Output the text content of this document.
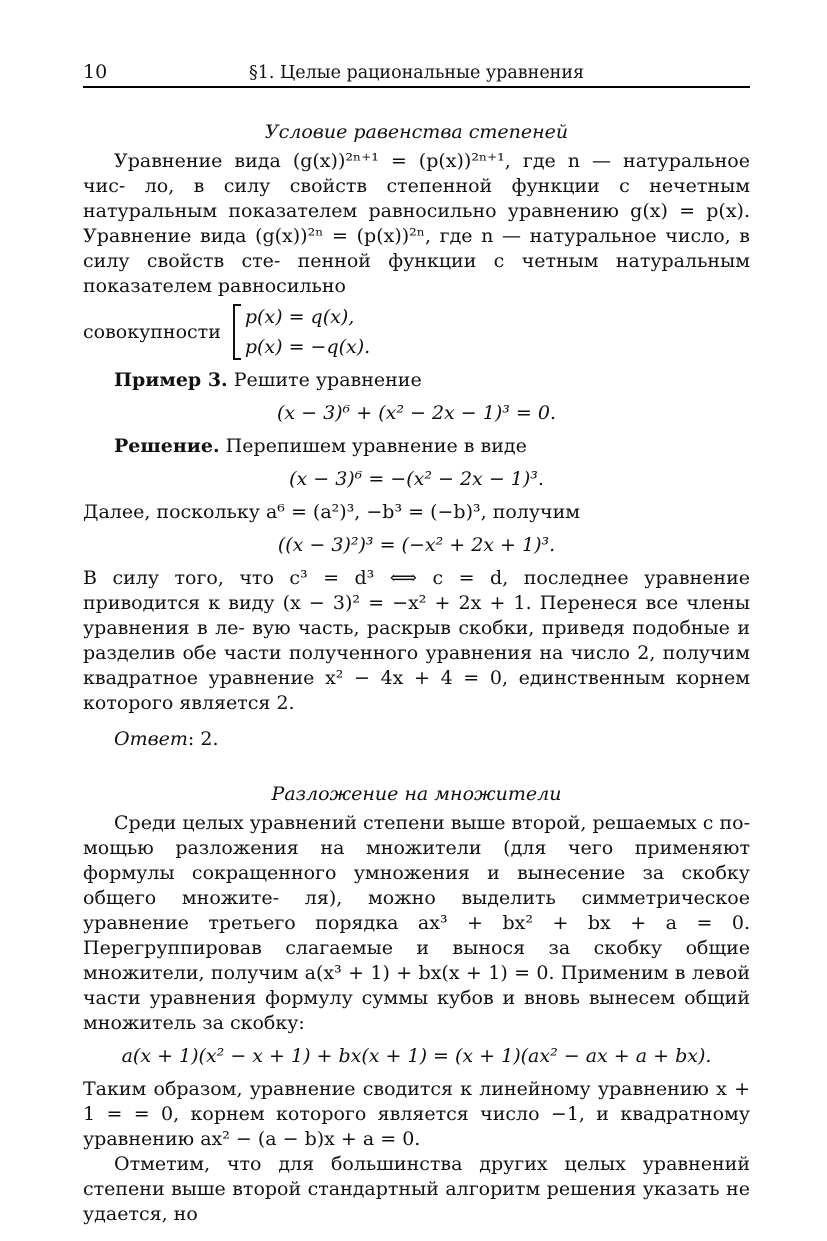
10	§1. Целые рациональные уравнения
Условие равенства степеней

Уравнение вида (g(x))²ⁿ⁺¹ = (p(x))²ⁿ⁺¹, где n — натуральное чис- ло, в силу свойств степенной функции с нечетным натуральным показателем равносильно уравнению g(x) = p(x). Уравнение вида (g(x))²ⁿ = (p(x))²ⁿ, где n — натуральное число, в силу свойств сте- пенной функции с четным натуральным показателем равносильно

совокупности
p(x) = q(x),
p(x) = −q(x).

Пример 3. Решите уравнение

(x − 3)⁶ + (x² − 2x − 1)³ = 0.

Решение. Перепишем уравнение в виде

(x − 3)⁶ = −(x² − 2x − 1)³.

Далее, поскольку a⁶ = (a²)³, −b³ = (−b)³, получим

((x − 3)²)³ = (−x² + 2x + 1)³.

В силу того, что c³ = d³ ⟺ c = d, последнее уравнение приводится к виду (x − 3)² = −x² + 2x + 1. Перенеся все члены уравнения в ле- вую часть, раскрыв скобки, приведя подобные и разделив обе части полученного уравнения на число 2, получим квадратное уравнение x² − 4x + 4 = 0, единственным корнем которого является 2.

Ответ: 2.

Разложение на множители

Среди целых уравнений степени выше второй, решаемых с по- мощью разложения на множители (для чего применяют формулы сокращенного умножения и вынесение за скобку общего множите- ля), можно выделить симметрическое уравнение третьего порядка ax³ + bx² + bx + a = 0. Перегруппировав слагаемые и вынося за скобку общие множители, получим a(x³ + 1) + bx(x + 1) = 0. Применим в левой части уравнения формулу суммы кубов и вновь вынесем общий множитель за скобку:

a(x + 1)(x² − x + 1) + bx(x + 1) = (x + 1)(ax² − ax + a + bx).

Таким образом, уравнение сводится к линейному уравнению x + 1 = = 0, корнем которого является число −1, и квадратному уравнению ax² − (a − b)x + a = 0.

Отметим, что для большинства других целых уравнений степени выше второй стандартный алгоритм решения указать не удается, но
